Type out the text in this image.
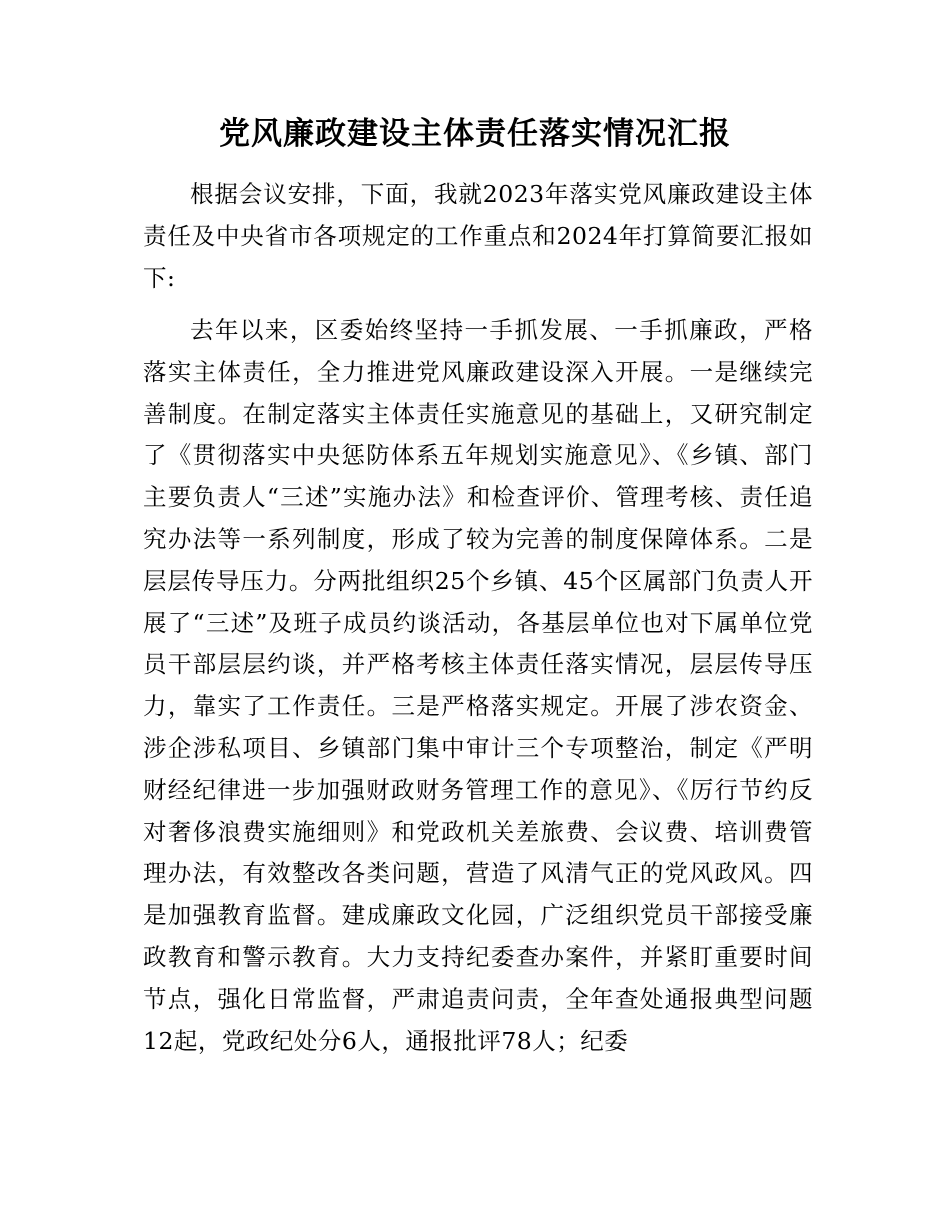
党风廉政建设主体责任落实情况汇报

根据会议安排，下面，我就2023年落实党风廉政建设主体责任及中央省市各项规定的工作重点和2024年打算简要汇报如下:

去年以来，区委始终坚持一手抓发展、一手抓廉政，严格落实主体责任，全力推进党风廉政建设深入开展。一是继续完善制度。在制定落实主体责任实施意见的基础上，又研究制定了《贯彻落实中央惩防体系五年规划实施意见》、《乡镇、部门主要负责人“三述”实施办法》和检查评价、管理考核、责任追究办法等一系列制度，形成了较为完善的制度保障体系。二是层层传导压力。分两批组织25个乡镇、45个区属部门负责人开展了“三述”及班子成员约谈活动，各基层单位也对下属单位党员干部层层约谈，并严格考核主体责任落实情况，层层传导压力，靠实了工作责任。三是严格落实规定。开展了涉农资金、涉企涉私项目、乡镇部门集中审计三个专项整治，制定《严明财经纪律进一步加强财政财务管理工作的意见》、《厉行节约反对奢侈浪费实施细则》和党政机关差旅费、会议费、培训费管理办法，有效整改各类问题，营造了风清气正的党风政风。四是加强教育监督。建成廉政文化园，广泛组织党员干部接受廉政教育和警示教育。大力支持纪委查办案件，并紧盯重要时间节点，强化日常监督，严肃追责问责，全年查处通报典型问题12起，党政纪处分6人，通报批评78人；纪委
